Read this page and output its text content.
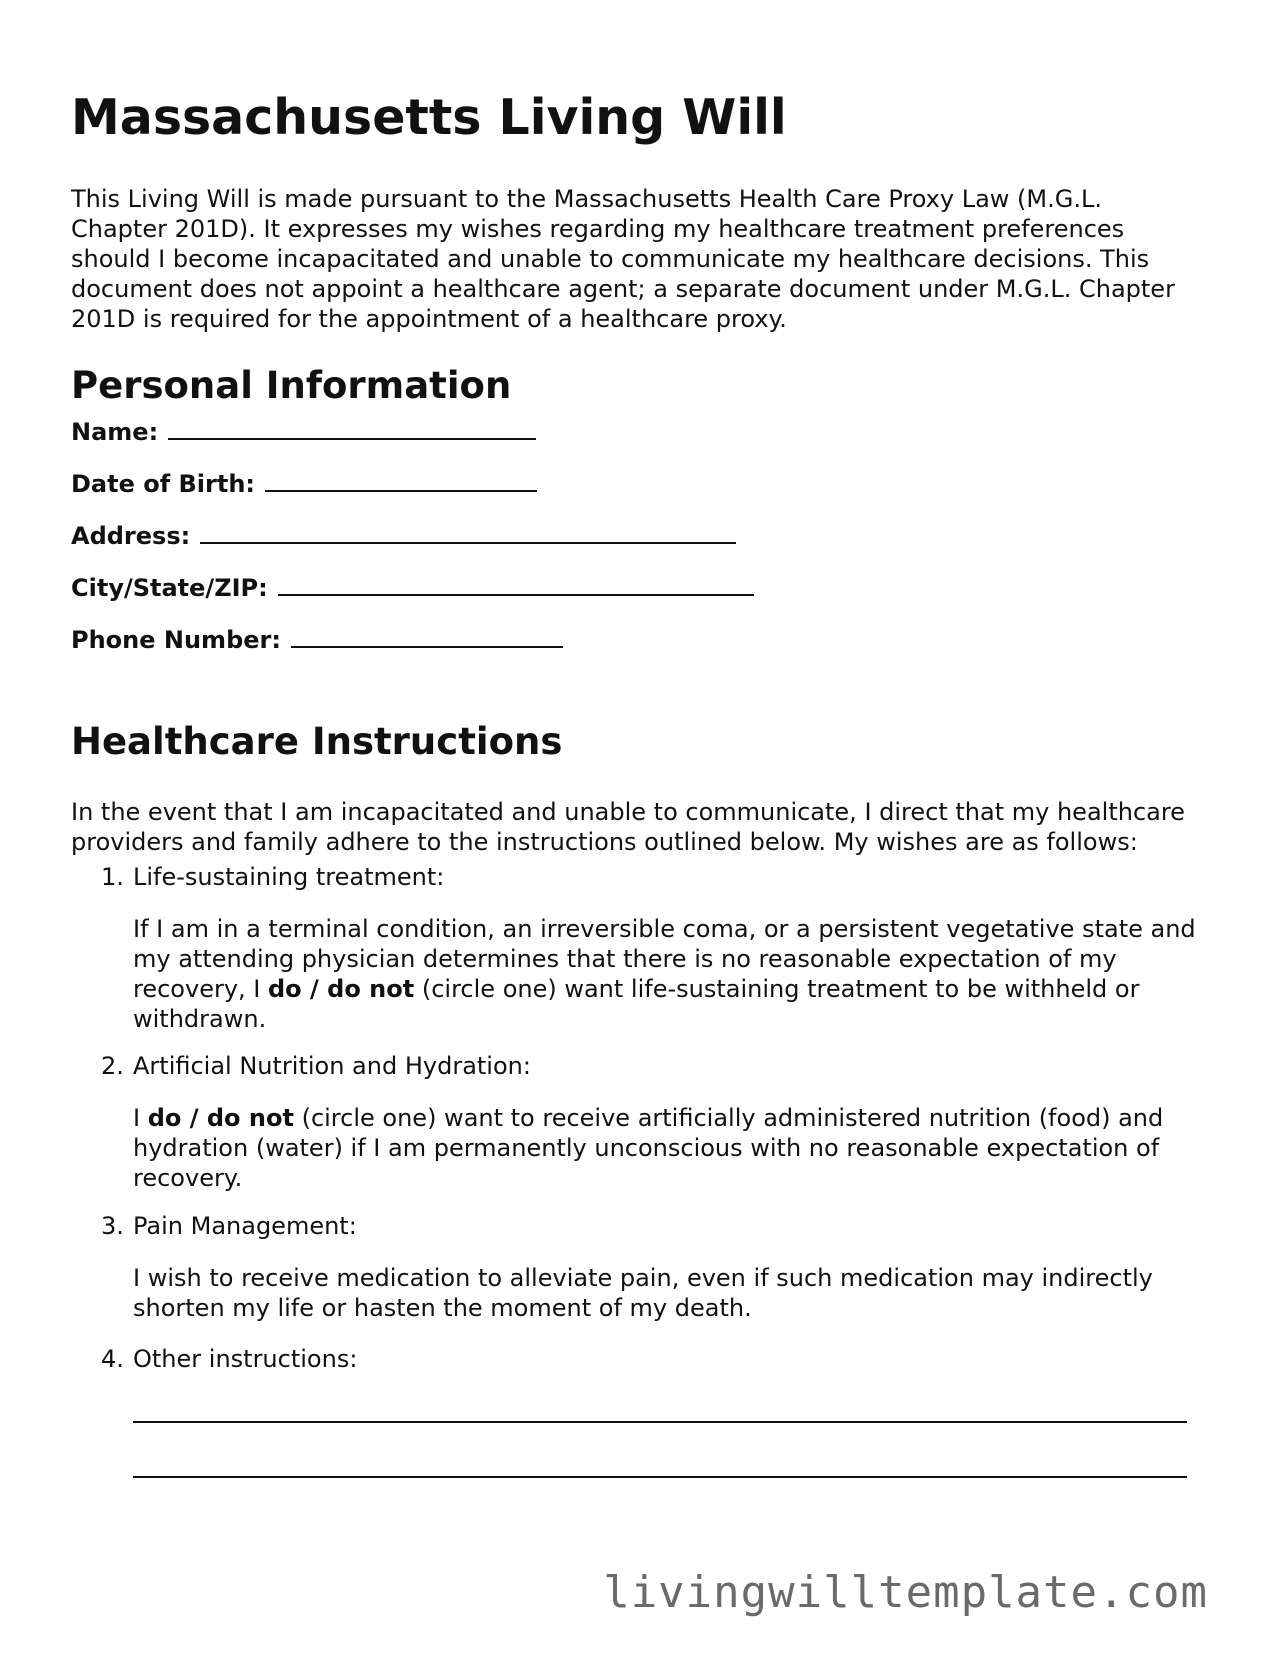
Massachusetts Living Will

This Living Will is made pursuant to the Massachusetts Health Care Proxy Law (M.G.L. Chapter 201D). It expresses my wishes regarding my healthcare treatment preferences should I become incapacitated and unable to communicate my healthcare decisions. This document does not appoint a healthcare agent; a separate document under M.G.L. Chapter 201D is required for the appointment of a healthcare proxy.

Personal Information
Name:
Date of Birth:
Address:
City/State/ZIP:
Phone Number:
Healthcare Instructions

In the event that I am incapacitated and unable to communicate, I direct that my healthcare providers and family adhere to the instructions outlined below. My wishes are as follows:

1. Life-sustaining treatment:

If I am in a terminal condition, an irreversible coma, or a persistent vegetative state and my attending physician determines that there is no reasonable expectation of my recovery, I do / do not (circle one) want life-sustaining treatment to be withheld or withdrawn.

2. Artificial Nutrition and Hydration:

I do / do not (circle one) want to receive artificially administered nutrition (food) and hydration (water) if I am permanently unconscious with no reasonable expectation of recovery.

3. Pain Management:

I wish to receive medication to alleviate pain, even if such medication may indirectly shorten my life or hasten the moment of my death.

4. Other instructions:
livingwilltemplate.com
